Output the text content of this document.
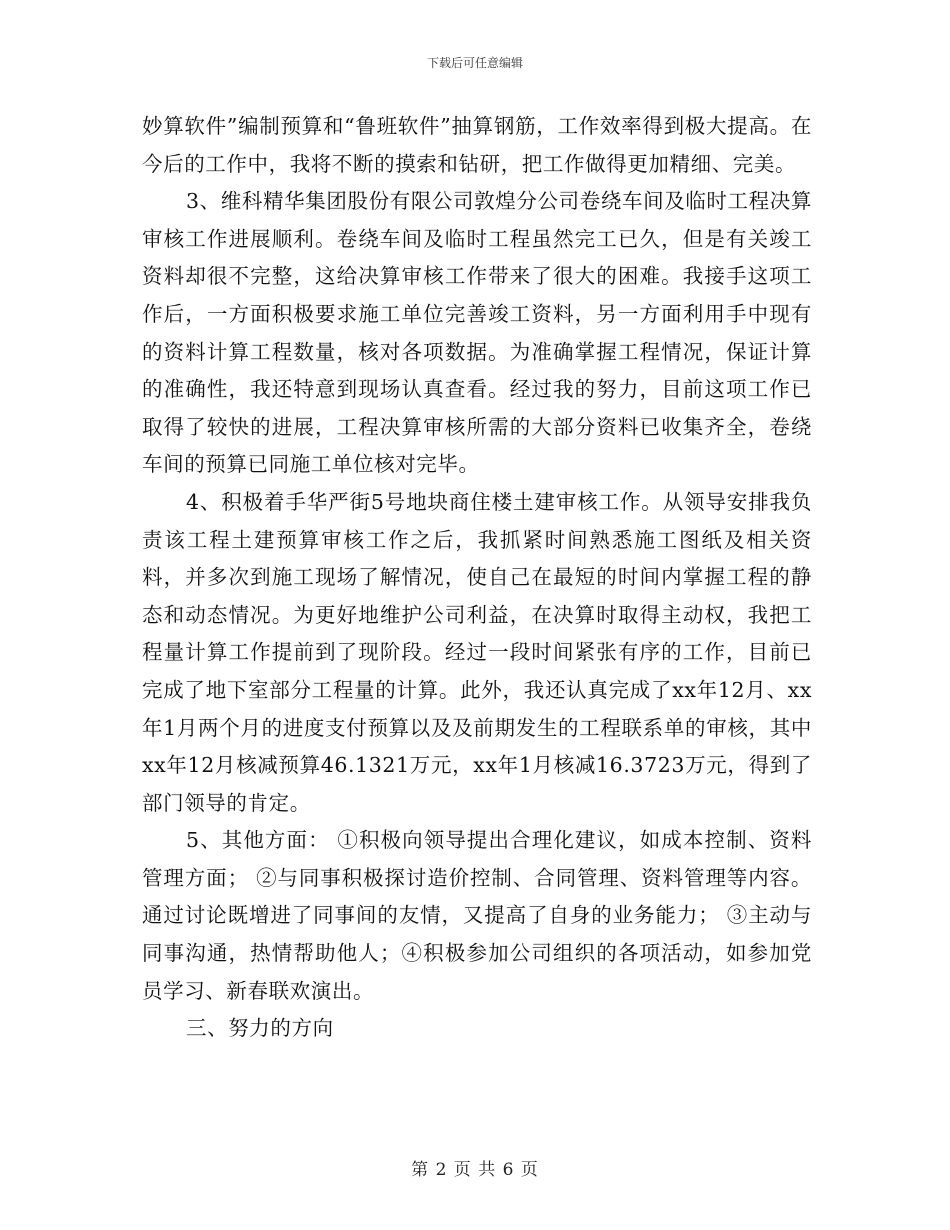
下载后可任意编辑

妙算软件”编制预算和“鲁班软件”抽算钢筋，工作效率得到极大提高。在今后的工作中，我将不断的摸索和钻研，把工作做得更加精细、完美。

3、维科精华集团股份有限公司敦煌分公司卷绕车间及临时工程决算审核工作进展顺利。卷绕车间及临时工程虽然完工已久，但是有关竣工资料却很不完整，这给决算审核工作带来了很大的困难。我接手这项工作后，一方面积极要求施工单位完善竣工资料，另一方面利用手中现有的资料计算工程数量，核对各项数据。为准确掌握工程情况，保证计算的准确性，我还特意到现场认真查看。经过我的努力，目前这项工作已取得了较快的进展，工程决算审核所需的大部分资料已收集齐全，卷绕车间的预算已同施工单位核对完毕。

4、积极着手华严街5号地块商住楼土建审核工作。从领导安排我负责该工程土建预算审核工作之后，我抓紧时间熟悉施工图纸及相关资料，并多次到施工现场了解情况，使自己在最短的时间内掌握工程的静态和动态情况。为更好地维护公司利益，在决算时取得主动权，我把工程量计算工作提前到了现阶段。经过一段时间紧张有序的工作，目前已完成了地下室部分工程量的计算。此外，我还认真完成了xx年12月、xx年1月两个月的进度支付预算以及及前期发生的工程联系单的审核，其中xx年12月核减预算46.1321万元，xx年1月核减16.3723万元，得到了部门领导的肯定。

5、其他方面： ①积极向领导提出合理化建议，如成本控制、资料管理方面； ②与同事积极探讨造价控制、合同管理、资料管理等内容。通过讨论既增进了同事间的友情，又提高了自身的业务能力； ③主动与同事沟通，热情帮助他人；④积极参加公司组织的各项活动，如参加党员学习、新春联欢演出。

三、努力的方向

第 2 页 共 6 页
